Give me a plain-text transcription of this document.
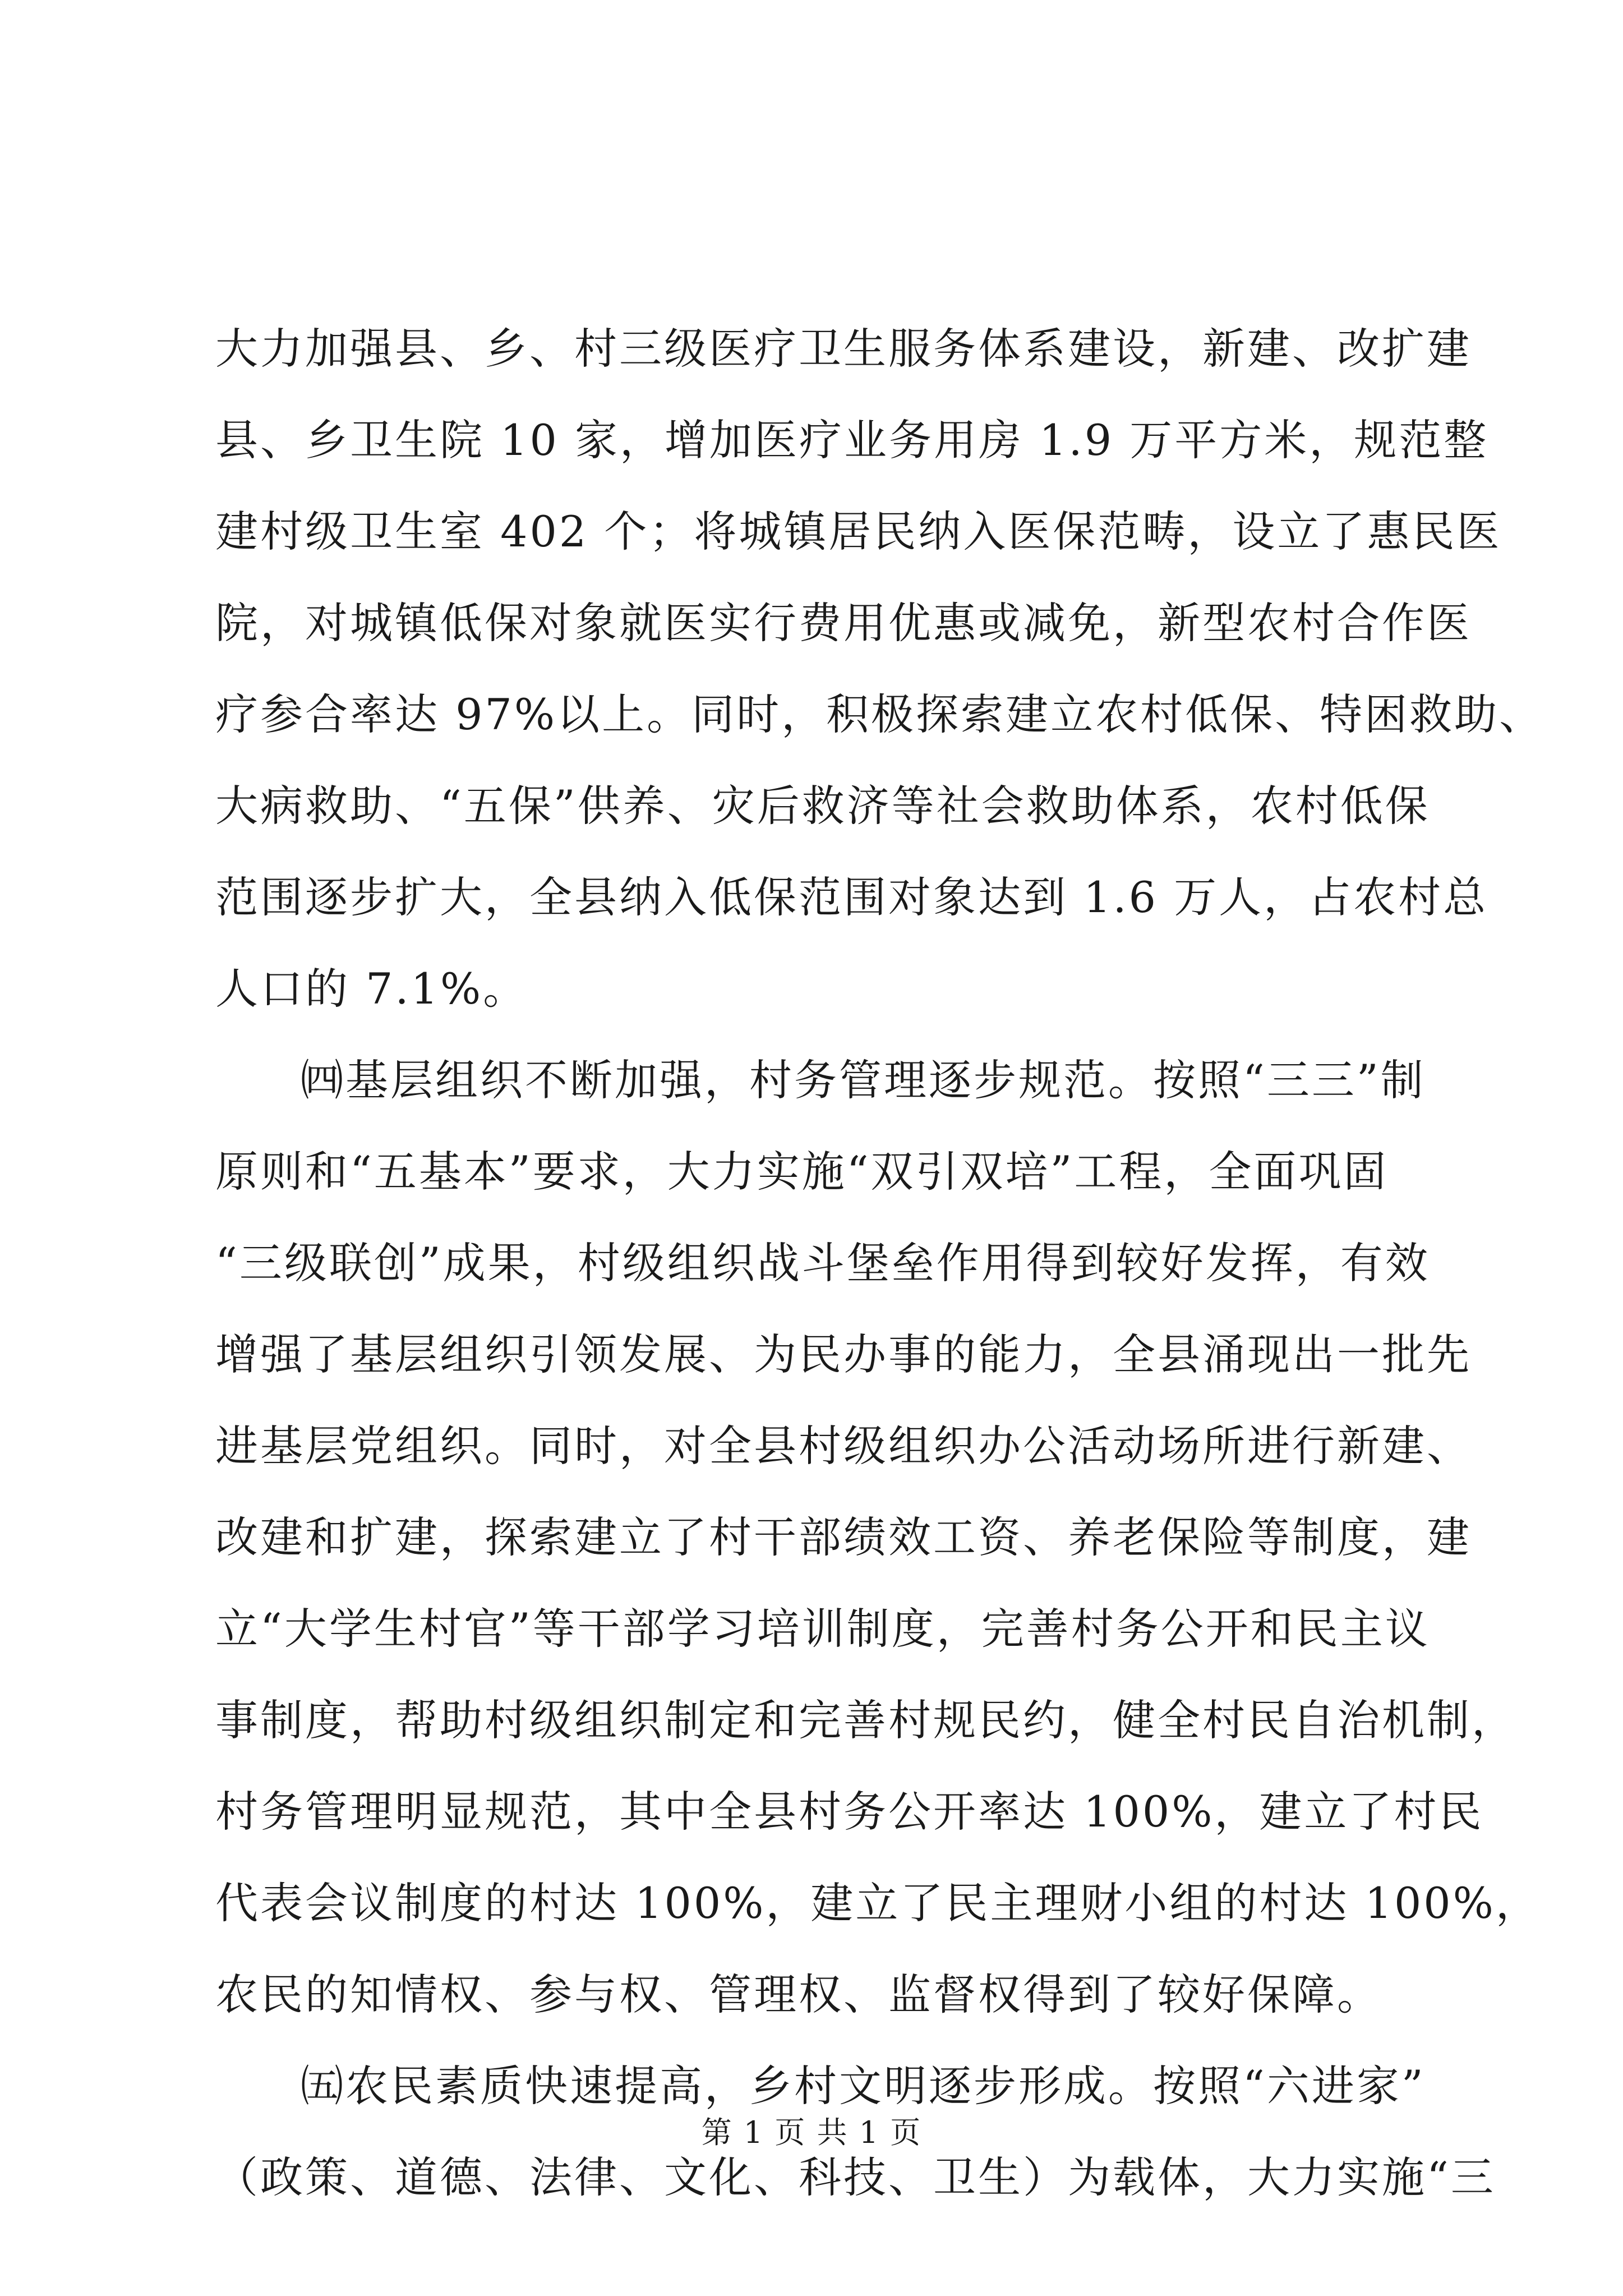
大力加强县、乡、村三级医疗卫生服务体系建设，新建、改扩建
县、乡卫生院 10 家，增加医疗业务用房 1.9 万平方米，规范整
建村级卫生室 402 个；将城镇居民纳入医保范畴，设立了惠民医
院，对城镇低保对象就医实行费用优惠或减免，新型农村合作医
疗参合率达 97%以上。同时，积极探索建立农村低保、特困救助、
大病救助、“五保”供养、灾后救济等社会救助体系，农村低保
范围逐步扩大，全县纳入低保范围对象达到 1.6 万人，占农村总
人口的 7.1%。
㈣基层组织不断加强，村务管理逐步规范。按照“三三”制
原则和“五基本”要求，大力实施“双引双培”工程，全面巩固
“三级联创”成果，村级组织战斗堡垒作用得到较好发挥，有效
增强了基层组织引领发展、为民办事的能力，全县涌现出一批先
进基层党组织。同时，对全县村级组织办公活动场所进行新建、
改建和扩建，探索建立了村干部绩效工资、养老保险等制度，建
立“大学生村官”等干部学习培训制度，完善村务公开和民主议
事制度，帮助村级组织制定和完善村规民约，健全村民自治机制，
村务管理明显规范，其中全县村务公开率达 100%，建立了村民
代表会议制度的村达 100%，建立了民主理财小组的村达 100%，
农民的知情权、参与权、管理权、监督权得到了较好保障。
㈤农民素质快速提高，乡村文明逐步形成。按照“六进家”
（政策、道德、法律、文化、科技、卫生）为载体，大力实施“三
第 1 页 共 1 页
